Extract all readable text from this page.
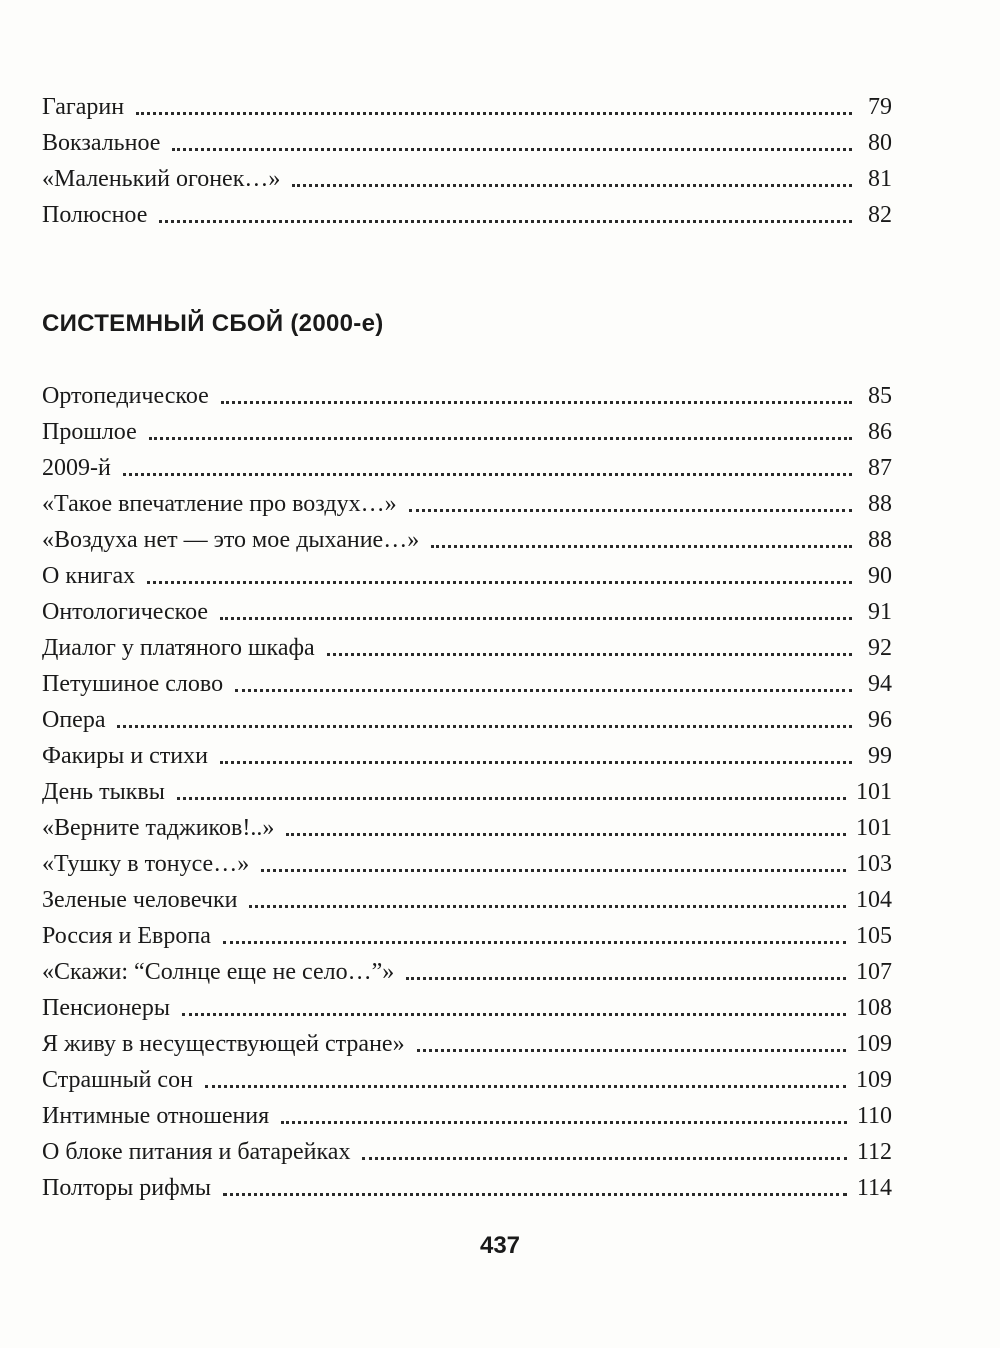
Гагарин	79
Вокзальное	80
«Маленький огонек…»	81
Полюсное	82
СИСТЕМНЫЙ СБОЙ (2000-е)
Ортопедическое	85
Прошлое	86
2009-й	87
«Такое впечатление про воздух…»	88
«Воздуха нет — это мое дыхание…»	88
О книгах	90
Онтологическое	91
Диалог у платяного шкафа	92
Петушиное слово	94
Опера	96
Факиры и стихи	99
День тыквы	101
«Верните таджиков!..»	101
«Тушку в тонусе…»	103
Зеленые человечки	104
Россия и Европа	105
«Скажи: “Солнце еще не село…”»	107
Пенсионеры	108
Я живу в несуществующей стране»	109
Страшный сон	109
Интимные отношения	110
О блоке питания и батарейках	112
Полторы рифмы	114
437
